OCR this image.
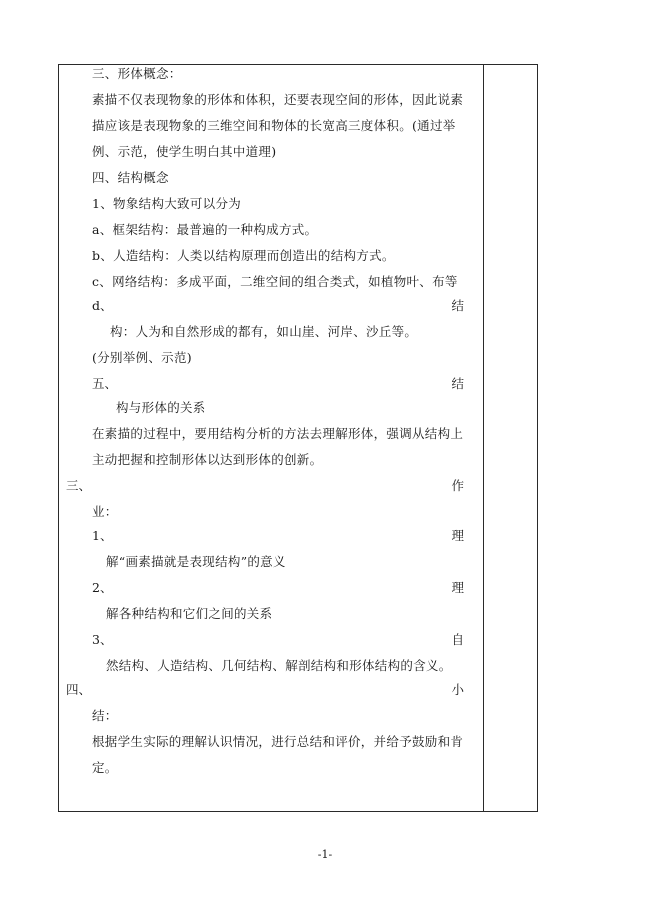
三、形体概念：
素描不仅表现物象的形体和体积，还要表现空间的形体，因此说素
描应该是表现物象的三维空间和物体的长宽高三度体积。(通过举
例、示范，使学生明白其中道理)
四、结构概念
1、物象结构大致可以分为
a、框架结构：最普遍的一种构成方式。
b、人造结构：人类以结构原理而创造出的结构方式。
c、网络结构：多成平面，二维空间的组合类式，如植物叶、布等
d、	结
构：人为和自然形成的都有，如山崖、河岸、沙丘等。
(分别举例、示范)
五、	结
构与形体的关系
在素描的过程中，要用结构分析的方法去理解形体，强调从结构上
主动把握和控制形体以达到形体的创新。
三、	作
业：
1、	理
解“画素描就是表现结构”的意义
2、	理
解各种结构和它们之间的关系
3、	自
然结构、人造结构、几何结构、解剖结构和形体结构的含义。
四、	小
结：
根据学生实际的理解认识情况，进行总结和评价，并给予鼓励和肯
定。
-1-
